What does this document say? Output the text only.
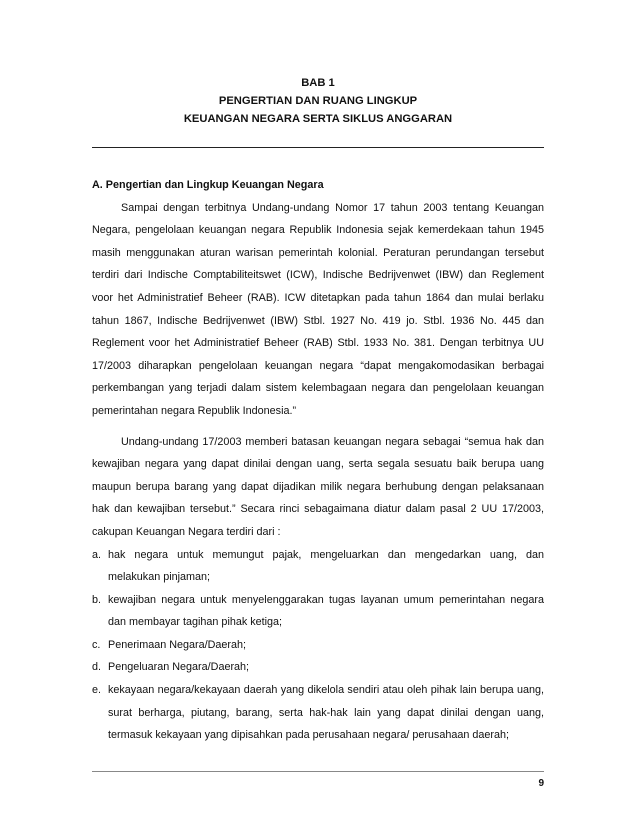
BAB 1
PENGERTIAN DAN RUANG LINGKUP
KEUANGAN NEGARA SERTA SIKLUS ANGGARAN

A. Pengertian dan Lingkup Keuangan Negara

Sampai dengan terbitnya Undang-undang Nomor 17 tahun 2003 tentang Keuangan Negara, pengelolaan keuangan negara Republik Indonesia sejak kemerdekaan tahun 1945 masih menggunakan aturan warisan pemerintah kolonial. Peraturan perundangan tersebut terdiri dari Indische Comptabiliteitswet (ICW), Indische Bedrijvenwet (IBW) dan Reglement voor het Administratief Beheer (RAB). ICW ditetapkan pada tahun 1864 dan mulai berlaku tahun 1867, Indische Bedrijvenwet (IBW) Stbl. 1927 No. 419 jo. Stbl. 1936 No. 445 dan Reglement voor het Administratief Beheer (RAB) Stbl. 1933 No. 381. Dengan terbitnya UU 17/2003 diharapkan pengelolaan keuangan negara “dapat mengakomodasikan berbagai perkembangan yang terjadi dalam sistem kelembagaan negara dan pengelolaan keuangan pemerintahan negara Republik Indonesia.”

Undang-undang 17/2003 memberi batasan keuangan negara sebagai “semua hak dan kewajiban negara yang dapat dinilai dengan uang, serta segala sesuatu baik berupa uang maupun berupa barang yang dapat dijadikan milik negara berhubung dengan pelaksanaan hak dan kewajiban tersebut.” Secara rinci sebagaimana diatur dalam pasal 2 UU 17/2003, cakupan Keuangan Negara terdiri dari :

a. hak negara untuk memungut pajak, mengeluarkan dan mengedarkan uang, dan melakukan pinjaman;
b. kewajiban negara untuk menyelenggarakan tugas layanan umum pemerintahan negara dan membayar tagihan pihak ketiga;
c. Penerimaan Negara/Daerah;
d. Pengeluaran Negara/Daerah;
e. kekayaan negara/kekayaan daerah yang dikelola sendiri atau oleh pihak lain berupa uang, surat berharga, piutang, barang, serta hak-hak lain yang dapat dinilai dengan uang, termasuk kekayaan yang dipisahkan pada perusahaan negara/ perusahaan daerah;
9
